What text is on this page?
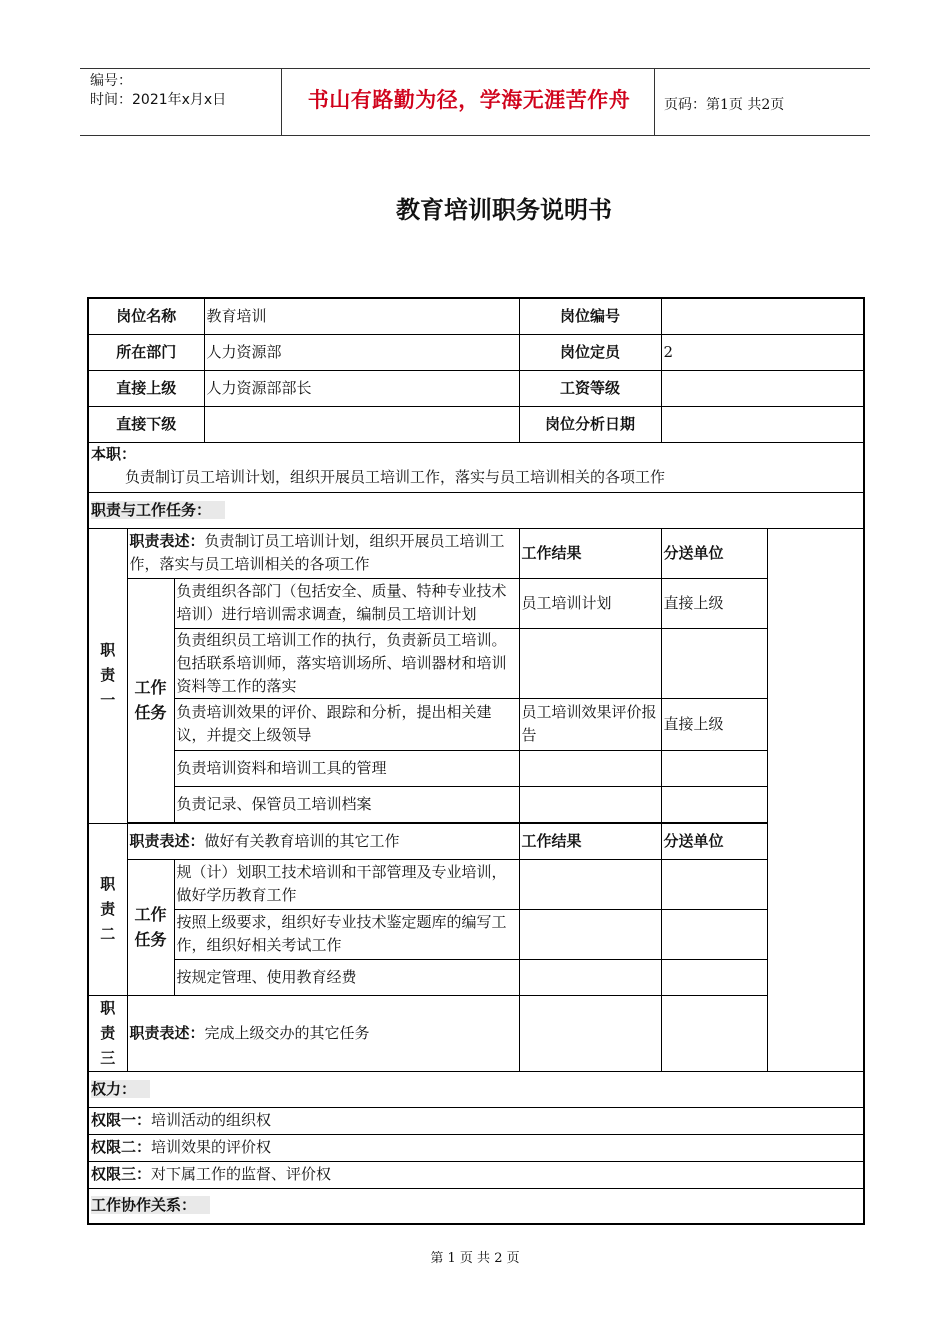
编号：
时间：2021年x月x日	书山有路勤为径，学海无涯苦作舟	页码：第1页 共2页
教育培训职务说明书
岗位名称			教育培训	岗位编号	
所在部门			人力资源部	岗位定员	2
直接上级			人力资源部部长	工资等级	
直接下级				岗位分析日期	

本职：
负责制订员工培训计划，组织开展员工培训工作，落实与员工培训相关的各项工作					

职责与工作任务：					
职责一	职责表述：负责制订员工培训计划，组织开展员工培训工作，落实与员工培训相关的各项工作			工作结果	分送单位
	工作任务	负责组织各部门（包括安全、质量、特种专业技术培训）进行培训需求调查，编制员工培训计划		员工培训计划	直接上级
		负责组织员工培训工作的执行，负责新员工培训。包括联系培训师，落实培训场所、培训器材和培训资料等工作的落实			
		负责培训效果的评价、跟踪和分析，提出相关建议，并提交上级领导		员工培训效果评价报告	直接上级
		负责培训资料和培训工具的管理			
		负责记录、保管员工培训档案			

职责二	职责表述：做好有关教育培训的其它工作			工作结果	分送单位
	工作任务	规（计）划职工技术培训和干部管理及专业培训，做好学历教育工作			
		按照上级要求，组织好专业技术鉴定题库的编写工作，组织好相关考试工作			
		按规定管理、使用教育经费			
职责三	职责表述：完成上级交办的其它任务				
权力：					
权限一：培训活动的组织权					
权限二：培训效果的评价权					
权限三：对下属工作的监督、评价权					
工作协作关系：					
第 1 页 共 2 页
